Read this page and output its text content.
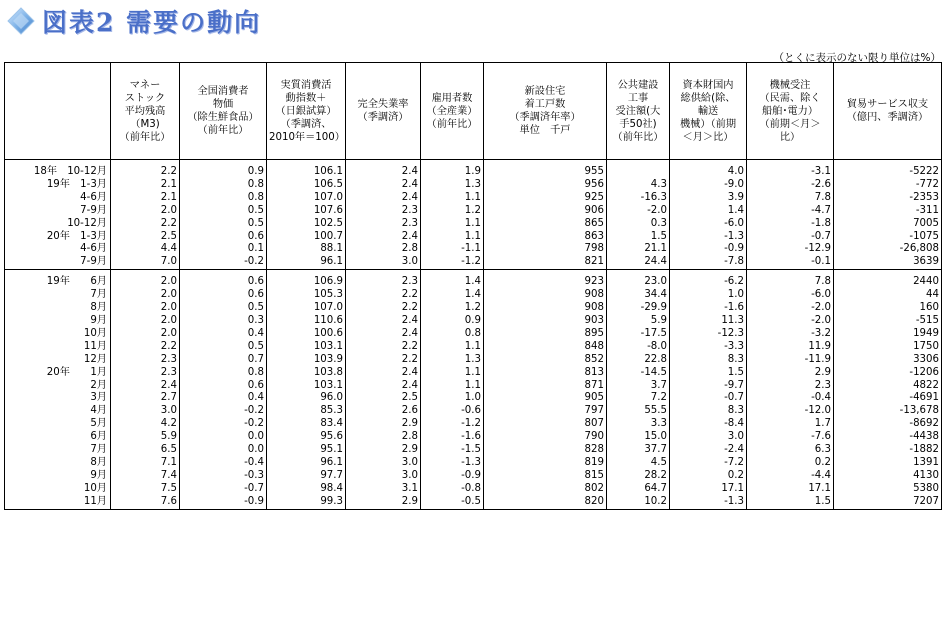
図表2 需要の動向
（とくに表示のない限り単位は%）
	マネー
ストック
平均残高
（M3)
（前年比）	全国消費者
物価
（除生鮮食品）
（前年比）	実質消費活
動指数＋
（日銀試算）
（季調済、
2010年＝100）	完全失業率
（季調済）	雇用者数
（全産業）
（前年比）	新設住宅
着工戸数
（季調済年率）
単位　千戸	公共建設
工事
受注額(大
手50社)
（前年比）	資本財国内
総供給(除、
輸送
機械）（前期
＜月＞比）	機械受注
（民需、除く
船舶･電力）
（前期＜月＞
比）	貿易サービス収支
（億円、季調済）

18年　10-12月	2.2	0.9	106.1	2.4	1.9	955		4.0	-3.1	-5222
19年　1-3月	2.1	0.8	106.5	2.4	1.3	956	4.3	-9.0	-2.6	-772
4-6月	2.1	0.8	107.0	2.4	1.1	925	-16.3	3.9	7.8	-2353
7-9月	2.0	0.5	107.6	2.3	1.2	906	-2.0	1.4	-4.7	-311
10-12月	2.2	0.5	102.5	2.3	1.1	865	0.3	-6.0	-1.8	7005
20年　1-3月	2.5	0.6	100.7	2.4	1.1	863	1.5	-1.3	-0.7	-1075
4-6月	4.4	0.1	88.1	2.8	-1.1	798	21.1	-0.9	-12.9	-26,808
7-9月	7.0	-0.2	96.1	3.0	-1.2	821	24.4	-7.8	-0.1	3639

19年　　6月	2.0	0.6	106.9	2.3	1.4	923	23.0	-6.2	7.8	2440
7月	2.0	0.6	105.3	2.2	1.4	908	34.4	1.0	-6.0	44
8月	2.0	0.5	107.0	2.2	1.2	908	-29.9	-1.6	-2.0	160
9月	2.0	0.3	110.6	2.4	0.9	903	5.9	11.3	-2.0	-515
10月	2.0	0.4	100.6	2.4	0.8	895	-17.5	-12.3	-3.2	1949
11月	2.2	0.5	103.1	2.2	1.1	848	-8.0	-3.3	11.9	1750
12月	2.3	0.7	103.9	2.2	1.3	852	22.8	8.3	-11.9	3306
20年　　1月	2.3	0.8	103.8	2.4	1.1	813	-14.5	1.5	2.9	-1206
2月	2.4	0.6	103.1	2.4	1.1	871	3.7	-9.7	2.3	4822
3月	2.7	0.4	96.0	2.5	1.0	905	7.2	-0.7	-0.4	-4691
4月	3.0	-0.2	85.3	2.6	-0.6	797	55.5	8.3	-12.0	-13,678
5月	4.2	-0.2	83.4	2.9	-1.2	807	3.3	-8.4	1.7	-8692
6月	5.9	0.0	95.6	2.8	-1.6	790	15.0	3.0	-7.6	-4438
7月	6.5	0.0	95.1	2.9	-1.5	828	37.7	-2.4	6.3	-1882
8月	7.1	-0.4	96.1	3.0	-1.3	819	4.5	-7.2	0.2	1391
9月	7.4	-0.3	97.7	3.0	-0.9	815	28.2	0.2	-4.4	4130
10月	7.5	-0.7	98.4	3.1	-0.8	802	64.7	17.1	17.1	5380
11月	7.6	-0.9	99.3	2.9	-0.5	820	10.2	-1.3	1.5	7207
